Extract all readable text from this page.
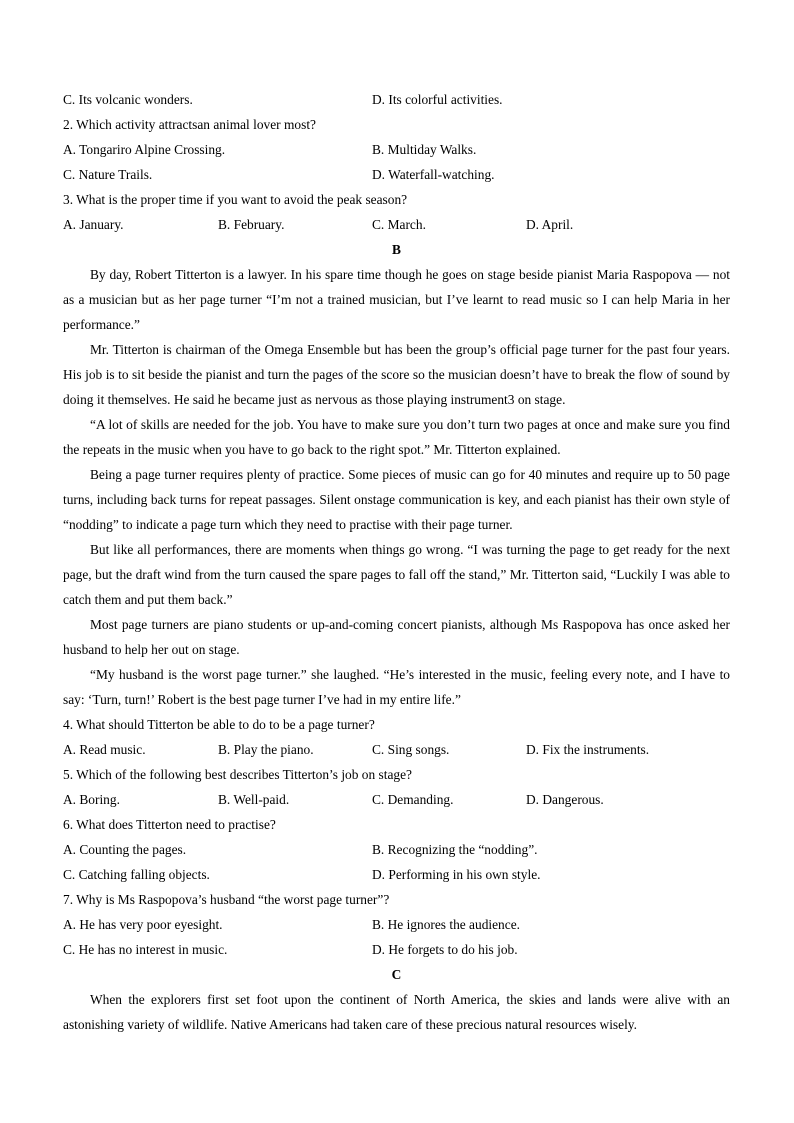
C. Its volcanic wonders.	D. Its colorful activities.
2. Which activity attractsan animal lover most?
A. Tongariro Alpine Crossing.	B. Multiday Walks.
C. Nature Trails.	D. Waterfall-watching.
3. What is the proper time if you want to avoid the peak season?
A. January.	B. February.	C. March.	D. April.
B

By day, Robert Titterton is a lawyer. In his spare time though he goes on stage beside pianist Maria Raspopova — not as a musician but as her page turner “I’m not a trained musician, but I’ve learnt to read music so I can help Maria in her performance.”

Mr. Titterton is chairman of the Omega Ensemble but has been the group’s official page turner for the past four years. His job is to sit beside the pianist and turn the pages of the score so the musician doesn’t have to break the flow of sound by doing it themselves. He said he became just as nervous as those playing instrument3 on stage.

“A lot of skills are needed for the job. You have to make sure you don’t turn two pages at once and make sure you find the repeats in the music when you have to go back to the right spot.” Mr. Titterton explained.

Being a page turner requires plenty of practice. Some pieces of music can go for 40 minutes and require up to 50 page turns, including back turns for repeat passages. Silent onstage communication is key, and each pianist has their own style of “nodding” to indicate a page turn which they need to practise with their page turner.

But like all performances, there are moments when things go wrong. “I was turning the page to get ready for the next page, but the draft wind from the turn caused the spare pages to fall off the stand,” Mr. Titterton said, “Luckily I was able to catch them and put them back.”

Most page turners are piano students or up-and-coming concert pianists, although Ms Raspopova has once asked her husband to help her out on stage.

“My husband is the worst page turner.” she laughed. “He’s interested in the music, feeling every note, and I have to say: ‘Turn, turn!’ Robert is the best page turner I’ve had in my entire life.”

4. What should Titterton be able to do to be a page turner?
A. Read music.	B. Play the piano.	C. Sing songs.	D. Fix the instruments.
5. Which of the following best describes Titterton’s job on stage?
A. Boring.	B. Well-paid.	C. Demanding.	D. Dangerous.
6. What does Titterton need to practise?
A. Counting the pages.	B. Recognizing the “nodding”.
C. Catching falling objects.	D. Performing in his own style.
7. Why is Ms Raspopova’s husband “the worst page turner”?
A. He has very poor eyesight.	B. He ignores the audience.
C. He has no interest in music.	D. He forgets to do his job.
C

When the explorers first set foot upon the continent of North America, the skies and lands were alive with an astonishing variety of wildlife. Native Americans had taken care of these precious natural resources wisely.
